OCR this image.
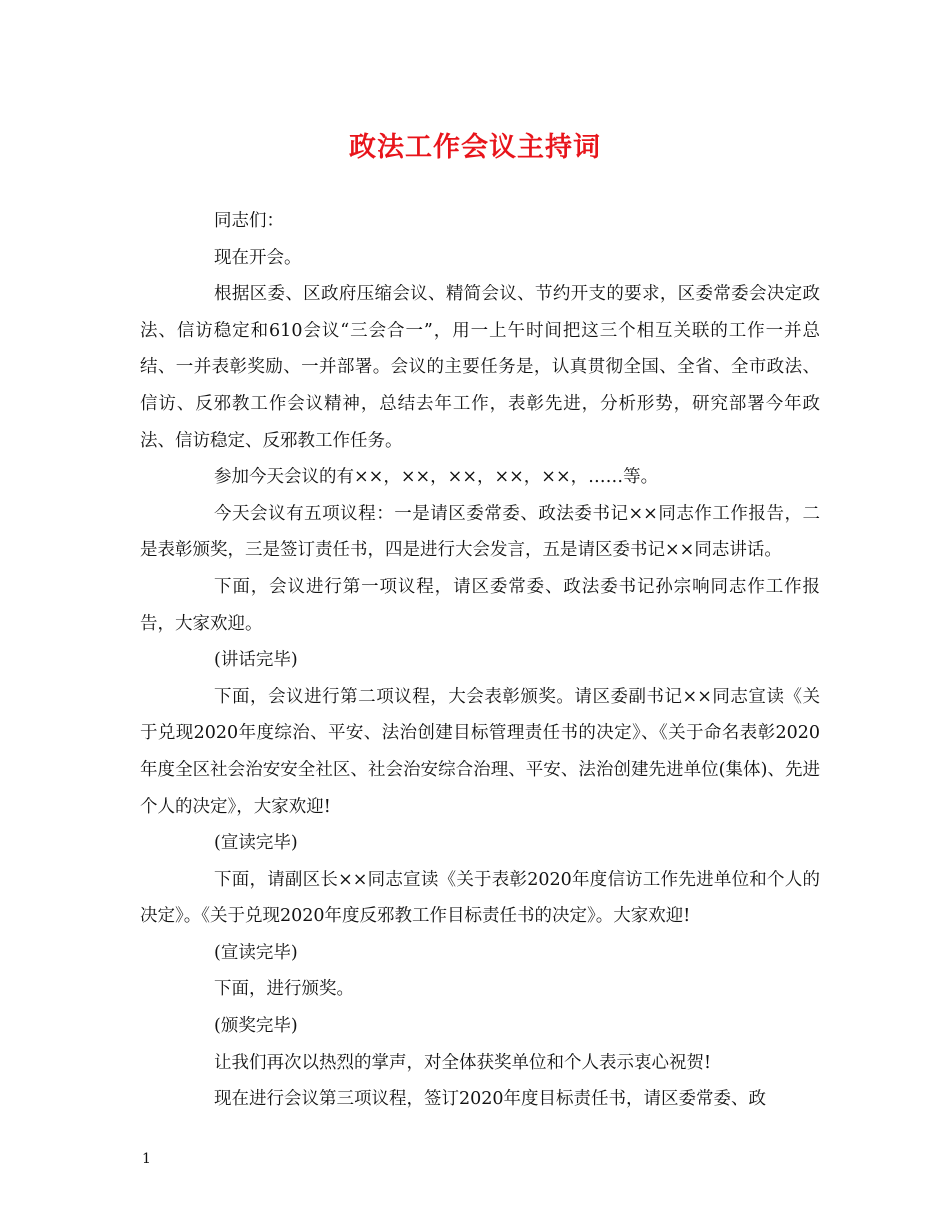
政法工作会议主持词

同志们：

现在开会。

根据区委、区政府压缩会议、精简会议、节约开支的要求，区委常委会决定政法、信访稳定和610会议“三会合一”，用一上午时间把这三个相互关联的工作一并总结、一并表彰奖励、一并部署。会议的主要任务是，认真贯彻全国、全省、全市政法、信访、反邪教工作会议精神，总结去年工作，表彰先进，分析形势，研究部署今年政法、信访稳定、反邪教工作任务。

参加今天会议的有××，××，××，××，××，……等。

今天会议有五项议程：一是请区委常委、政法委书记××同志作工作报告，二是表彰颁奖，三是签订责任书，四是进行大会发言，五是请区委书记××同志讲话。

下面，会议进行第一项议程，请区委常委、政法委书记孙宗响同志作工作报告，大家欢迎。

(讲话完毕)

下面，会议进行第二项议程，大会表彰颁奖。请区委副书记××同志宣读《关于兑现2020年度综治、平安、法治创建目标管理责任书的决定》、《关于命名表彰2020年度全区社会治安安全社区、社会治安综合治理、平安、法治创建先进单位(集体)、先进个人的决定》，大家欢迎!

(宣读完毕)

下面，请副区长××同志宣读《关于表彰2020年度信访工作先进单位和个人的决定》。《关于兑现2020年度反邪教工作目标责任书的决定》。大家欢迎!

(宣读完毕)

下面，进行颁奖。

(颁奖完毕)

让我们再次以热烈的掌声，对全体获奖单位和个人表示衷心祝贺!

现在进行会议第三项议程，签订2020年度目标责任书，请区委常委、政

1
